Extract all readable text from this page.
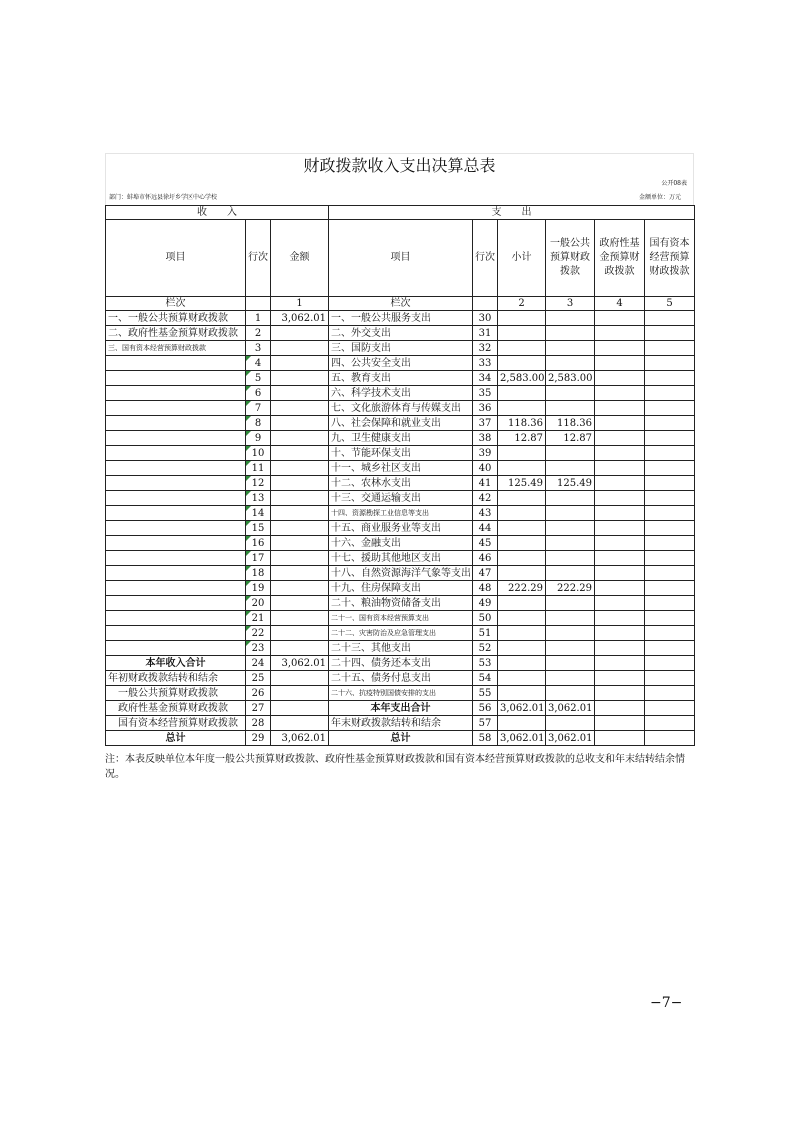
财政拨款收入支出决算总表
公开08表
部门：蚌埠市怀远县徐圩乡学区中心学校	金额单位：万元
收　　入			支　　出					
项目	行次	金额	项目	行次	小计	一般公共预算财政拨款	政府性基金预算财政拨款	国有资本经营预算财政拨款
栏次		1	栏次		2	3	4	5
一、一般公共预算财政拨款	1	3,062.01	一、一般公共服务支出	30				
二、政府性基金预算财政拨款	2		二、外交支出	31				
三、国有资本经营预算财政拨款	3		三、国防支出	32				
	4		四、公共安全支出	33				
	5		五、教育支出	34	2,583.00	2,583.00		
	6		六、科学技术支出	35				
	7		七、文化旅游体育与传媒支出	36				
	8		八、社会保障和就业支出	37	118.36	118.36		
	9		九、卫生健康支出	38	12.87	12.87		
	10		十、节能环保支出	39				
	11		十一、城乡社区支出	40				
	12		十二、农林水支出	41	125.49	125.49		
	13		十三、交通运输支出	42				
	14		十四、资源勘探工业信息等支出	43				
	15		十五、商业服务业等支出	44				
	16		十六、金融支出	45				
	17		十七、援助其他地区支出	46				
	18		十八、自然资源海洋气象等支出	47				
	19		十九、住房保障支出	48	222.29	222.29		
	20		二十、粮油物资储备支出	49				
	21		二十一、国有资本经营预算支出	50				
	22		二十二、灾害防治及应急管理支出	51				
	23		二十三、其他支出	52				
本年收入合计	24	3,062.01	二十四、债务还本支出	53				
年初财政拨款结转和结余	25		二十五、债务付息支出	54				
一般公共预算财政拨款	26		二十六、抗疫特别国债安排的支出	55				
政府性基金预算财政拨款	27		本年支出合计	56	3,062.01	3,062.01		
国有资本经营预算财政拨款	28		年末财政拨款结转和结余	57				
总计	29	3,062.01	总计	58	3,062.01	3,062.01		
注：本表反映单位本年度一般公共预算财政拨款、政府性基金预算财政拨款和国有资本经营预算财政拨款的总收支和年末结转结余情况。
−7−
